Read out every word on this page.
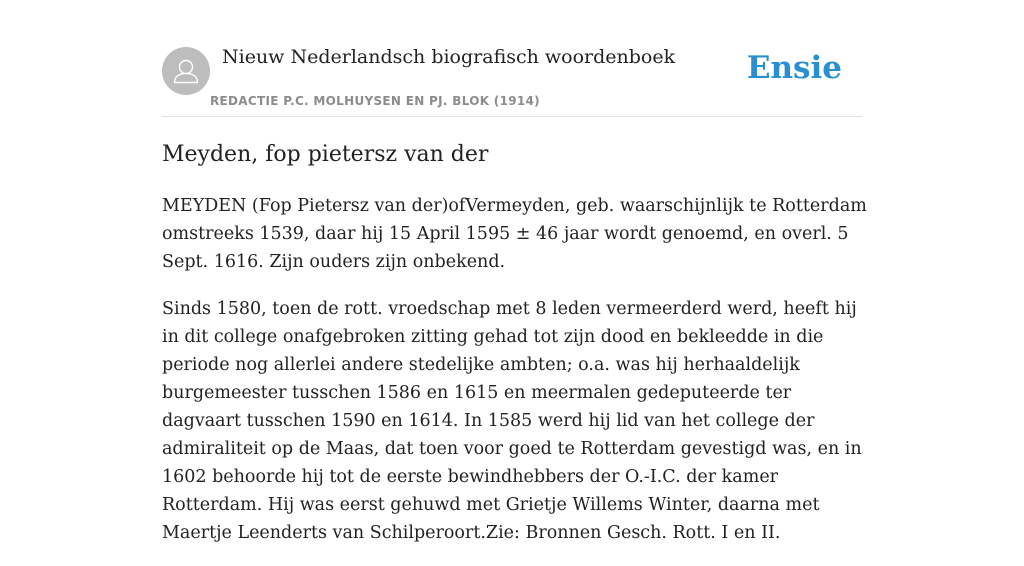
Nieuw Nederlandsch biografisch woordenboek
REDACTIE P.C. MOLHUYSEN EN PJ. BLOK (1914)
Ensie
Meyden, fop pietersz van der

MEYDEN (Fop Pietersz van der)ofVermeyden, geb. waarschijnlijk te Rotterdam omstreeks 1539, daar hij 15 April 1595 ± 46 jaar wordt genoemd, en overl. 5 Sept. 1616. Zijn ouders zijn onbekend.

Sinds 1580, toen de rott. vroedschap met 8 leden vermeerderd werd, heeft hij in dit college onafgebroken zitting gehad tot zijn dood en bekleedde in die periode nog allerlei andere stedelijke ambten; o.a. was hij herhaaldelijk burgemeester tusschen 1586 en 1615 en meermalen gedeputeerde ter dagvaart tusschen 1590 en 1614. In 1585 werd hij lid van het college der admiraliteit op de Maas, dat toen voor goed te Rotterdam gevestigd was, en in 1602 behoorde hij tot de eerste bewindhebbers der O.-I.C. der kamer Rotterdam. Hij was eerst gehuwd met Grietje Willems Winter, daarna met Maertje Leenderts van Schilperoort.Zie: Bronnen Gesch. Rott. I en II.
